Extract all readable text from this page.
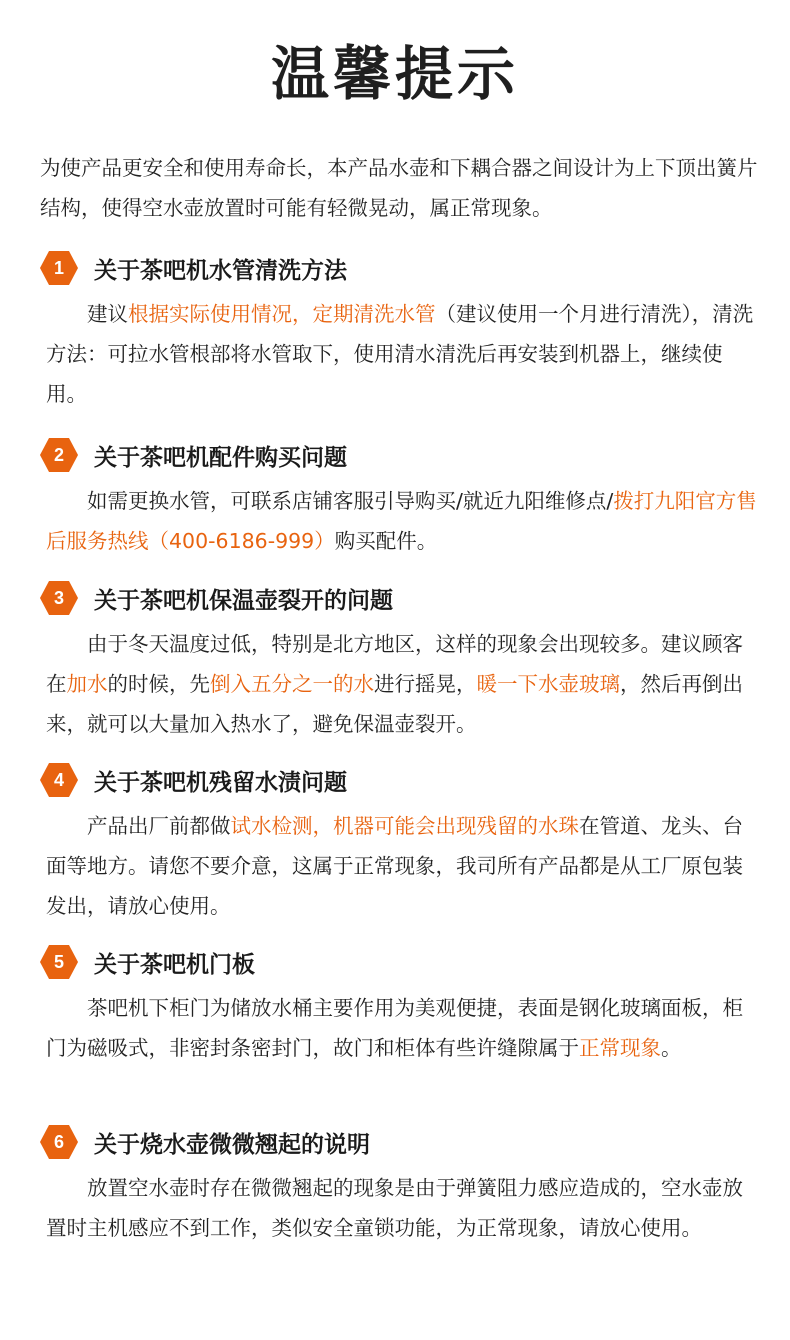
温馨提示
为使产品更安全和使用寿命长，本产品水壶和下耦合器之间设计为上下顶出簧片结构，使得空水壶放置时可能有轻微晃动，属正常现象。
1 关于茶吧机水管清洗方法
建议根据实际使用情况，定期清洗水管（建议使用一个月进行清洗），清洗方法：可拉水管根部将水管取下，使用清水清洗后再安装到机器上，继续使用。
2 关于茶吧机配件购买问题
如需更换水管，可联系店铺客服引导购买/就近九阳维修点/拨打九阳官方售后服务热线（400-6186-999）购买配件。
3 关于茶吧机保温壶裂开的问题
由于冬天温度过低，特别是北方地区，这样的现象会出现较多。建议顾客在加水的时候，先倒入五分之一的水进行摇晃，暖一下水壶玻璃，然后再倒出来，就可以大量加入热水了，避免保温壶裂开。
4 关于茶吧机残留水渍问题
产品出厂前都做试水检测，机器可能会出现残留的水珠在管道、龙头、台面等地方。请您不要介意，这属于正常现象，我司所有产品都是从工厂原包装发出，请放心使用。
5 关于茶吧机门板
茶吧机下柜门为储放水桶主要作用为美观便捷，表面是钢化玻璃面板，柜门为磁吸式，非密封条密封门，故门和柜体有些许缝隙属于正常现象。
6 关于烧水壶微微翘起的说明
放置空水壶时存在微微翘起的现象是由于弹簧阻力感应造成的，空水壶放置时主机感应不到工作，类似安全童锁功能，为正常现象，请放心使用。
